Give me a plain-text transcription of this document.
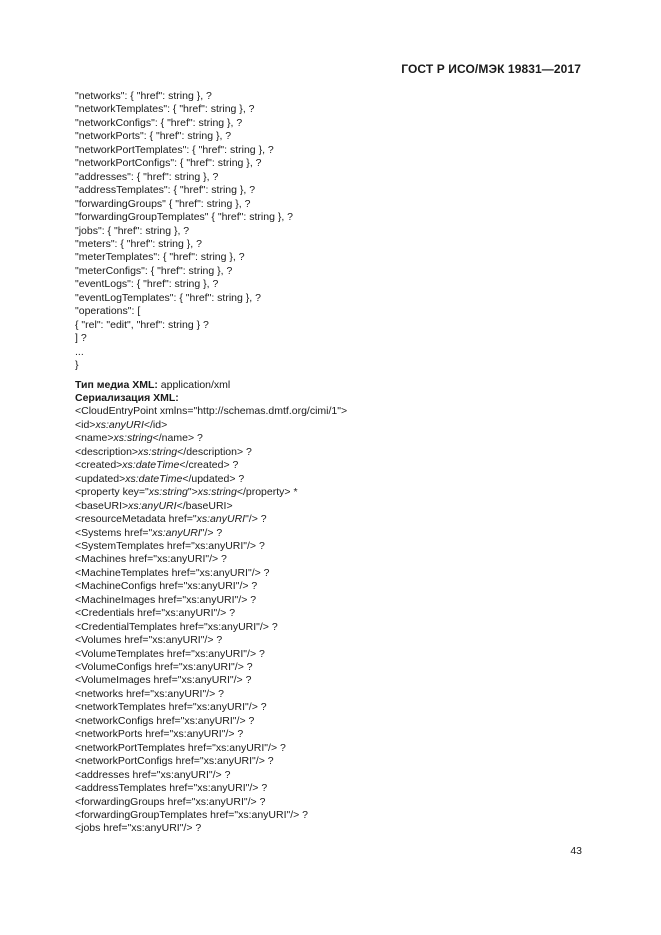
ГОСТ Р ИСО/МЭК 19831—2017
"networks": { "href": string }, ?
"networkTemplates": { "href": string }, ?
"networkConfigs": { "href": string }, ?
"networkPorts": { "href": string }, ?
"networkPortTemplates": { "href": string }, ?
"networkPortConfigs": { "href": string }, ?
"addresses": { "href": string }, ?
"addressTemplates": { "href": string }, ?
"forwardingGroups" { "href": string }, ?
"forwardingGroupTemplates" { "href": string }, ?
"jobs": { "href": string }, ?
"meters": { "href": string }, ?
"meterTemplates": { "href": string }, ?
"meterConfigs": { "href": string }, ?
"eventLogs": { "href": string }, ?
"eventLogTemplates": { "href": string }, ?
"operations": [
{ "rel": "edit", "href": string } ?
] ?
...
}
Тип медиа XML: application/xml
Сериализация XML:
<CloudEntryPoint xmlns="http://schemas.dmtf.org/cimi/1">
<id>xs:anyURI</id>
<name>xs:string</name> ?
<description>xs:string</description> ?
<created>xs:dateTime</created> ?
<updated>xs:dateTime</updated> ?
<property key="xs:string">xs:string</property> *
<baseURI>xs:anyURI</baseURI>
<resourceMetadata href="xs:anyURI"/> ?
<Systems href="xs:anyURI"/> ?
<SystemTemplates href="xs:anyURI"/> ?
<Machines href="xs:anyURI"/> ?
<MachineTemplates href="xs:anyURI"/> ?
<MachineConfigs href="xs:anyURI"/> ?
<MachineImages href="xs:anyURI"/> ?
<Credentials href="xs:anyURI"/> ?
<CredentialTemplates href="xs:anyURI"/> ?
<Volumes href="xs:anyURI"/> ?
<VolumeTemplates href="xs:anyURI"/> ?
<VolumeConfigs href="xs:anyURI"/> ?
<VolumeImages href="xs:anyURI"/> ?
<networks href="xs:anyURI"/> ?
<networkTemplates href="xs:anyURI"/> ?
<networkConfigs href="xs:anyURI"/> ?
<networkPorts href="xs:anyURI"/> ?
<networkPortTemplates href="xs:anyURI"/> ?
<networkPortConfigs href="xs:anyURI"/> ?
<addresses href="xs:anyURI"/> ?
<addressTemplates href="xs:anyURI"/> ?
<forwardingGroups href="xs:anyURI"/> ?
<forwardingGroupTemplates href="xs:anyURI"/> ?
<jobs href="xs:anyURI"/> ?
43
